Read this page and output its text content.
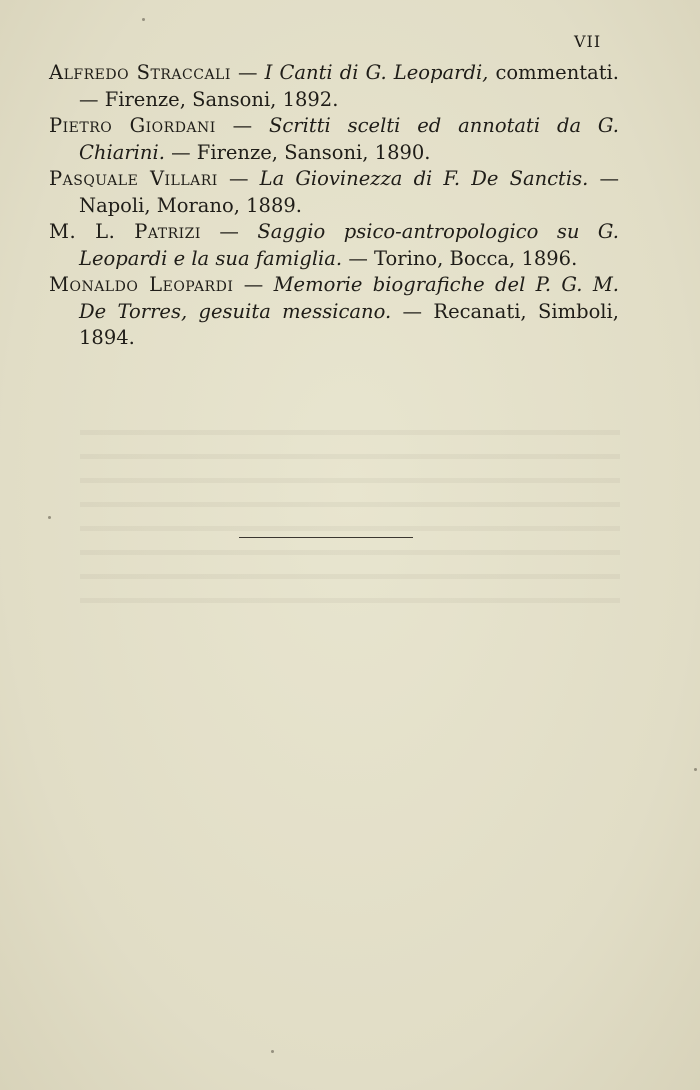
VII

Alfredo Straccali — I Canti di G. Leopardi, commentati. — Firenze, Sansoni, 1892.

Pietro Giordani — Scritti scelti ed annotati da G. Chiarini. — Firenze, Sansoni, 1890.

Pasquale Villari — La Giovinezza di F. De Sanctis. — Napoli, Morano, 1889.

M. L. Patrizi — Saggio psico-antropologico su G. Leopardi e la sua famiglia. — Torino, Bocca, 1896.

Monaldo Leopardi — Memorie biografiche del P. G. M. De Torres, gesuita messicano. — Recanati, Simboli, 1894.
